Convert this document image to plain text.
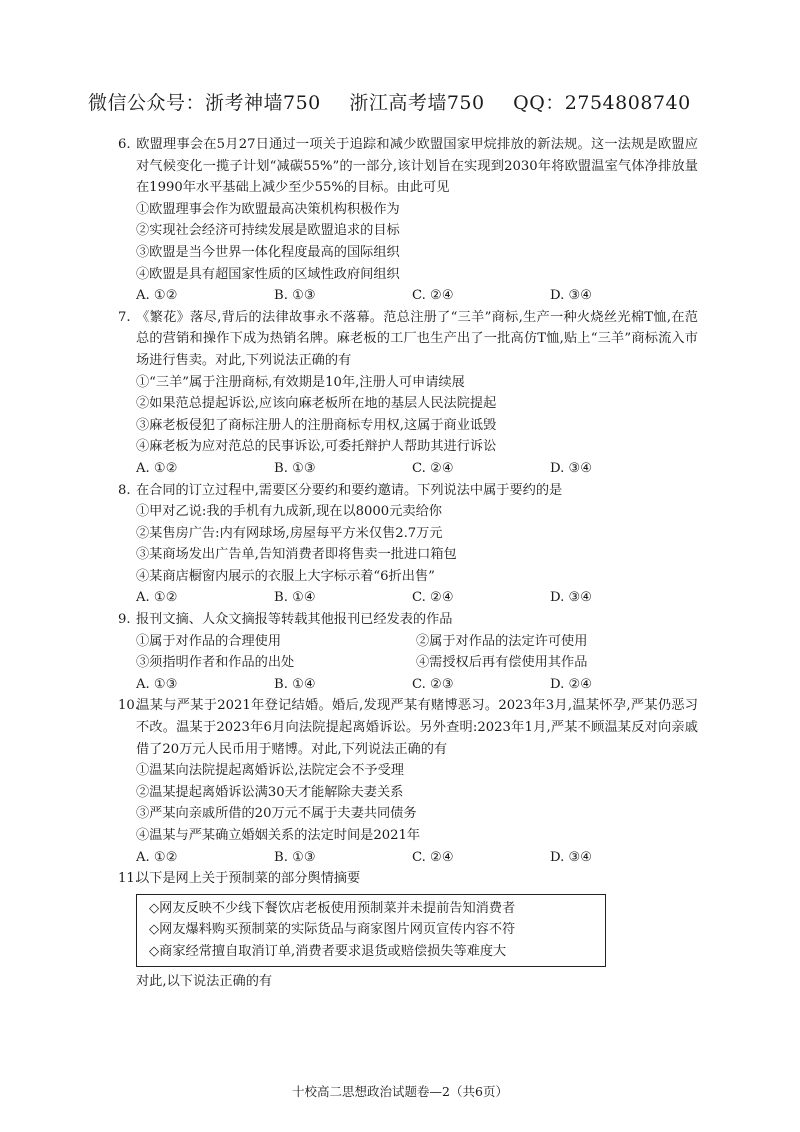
微信公众号：浙考神墙750 浙江高考墙750 QQ：2754808740
6. 欧盟理事会在5月27日通过一项关于追踪和减少欧盟国家甲烷排放的新法规。这一法规是欧盟应对气候变化一揽子计划“减碳55%”的一部分,该计划旨在实现到2030年将欧盟温室气体净排放量在1990年水平基础上减少至少55%的目标。由此可见
①欧盟理事会作为欧盟最高决策机构积极作为
②实现社会经济可持续发展是欧盟追求的目标
③欧盟是当今世界一体化程度最高的国际组织
④欧盟是具有超国家性质的区域性政府间组织
A. ①②	B. ①③	C. ②④	D. ③④
7. 《繁花》落尽,背后的法律故事永不落幕。范总注册了“三羊”商标,生产一种火烧丝光棉T恤,在范总的营销和操作下成为热销名牌。麻老板的工厂也生产出了一批高仿T恤,贴上“三羊”商标流入市场进行售卖。对此,下列说法正确的有
①“三羊”属于注册商标,有效期是10年,注册人可申请续展
②如果范总提起诉讼,应该向麻老板所在地的基层人民法院提起
③麻老板侵犯了商标注册人的注册商标专用权,这属于商业诋毁
④麻老板为应对范总的民事诉讼,可委托辩护人帮助其进行诉讼
A. ①②	B. ①③	C. ②④	D. ③④
8. 在合同的订立过程中,需要区分要约和要约邀请。下列说法中属于要约的是
①甲对乙说:我的手机有九成新,现在以8000元卖给你
②某售房广告:内有网球场,房屋每平方米仅售2.7万元
③某商场发出广告单,告知消费者即将售卖一批进口箱包
④某商店橱窗内展示的衣服上大字标示着“6折出售”
A. ①②	B. ①④	C. ②④	D. ③④
9. 报刊文摘、人众文摘报等转载其他报刊已经发表的作品
①属于对作品的合理使用	②属于对作品的法定许可使用
③须指明作者和作品的出处	④需授权后再有偿使用其作品
A. ①③	B. ①④	C. ②③	D. ②④
10.温某与严某于2021年登记结婚。婚后,发现严某有赌博恶习。2023年3月,温某怀孕,严某仍恶习不改。温某于2023年6月向法院提起离婚诉讼。另外查明:2023年1月,严某不顾温某反对向亲戚借了20万元人民币用于赌博。对此,下列说法正确的有
①温某向法院提起离婚诉讼,法院定会不予受理
②温某提起离婚诉讼满30天才能解除夫妻关系
③严某向亲戚所借的20万元不属于夫妻共同债务
④温某与严某确立婚姻关系的法定时间是2021年
A. ①②	B. ①③	C. ②④	D. ③④
11.以下是网上关于预制菜的部分舆情摘要
◇网友反映不少线下餐饮店老板使用预制菜并未提前告知消费者
◇网友爆料购买预制菜的实际货品与商家图片网页宣传内容不符
◇商家经常擅自取消订单,消费者要求退货或赔偿损失等难度大
对此,以下说法正确的有
十校高二思想政治试题卷—2（共6页）
